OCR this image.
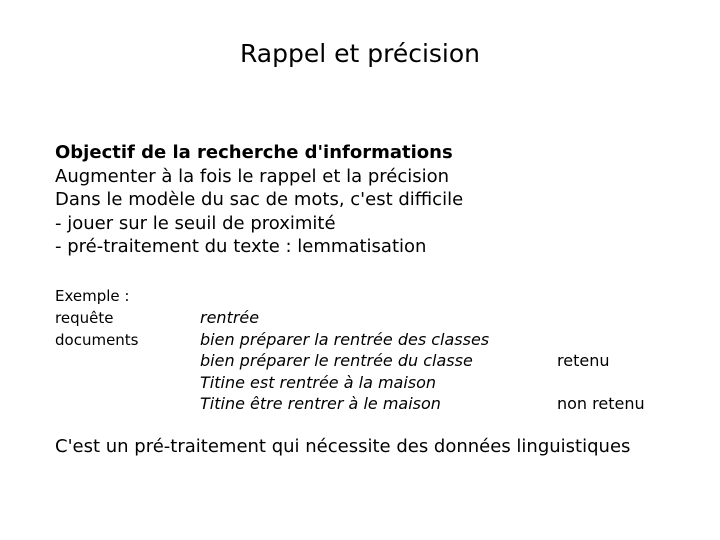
Rappel et précision
Objectif de la recherche d'informations
Augmenter à la fois le rappel et la précision
Dans le modèle du sac de mots, c'est difficile
- jouer sur le seuil de proximité
- pré-traitement du texte : lemmatisation
Exemple :
requête
documents
rentrée
bien préparer la rentrée des classes
bien préparer le rentrée du classe
Titine est rentrée à la maison
Titine être rentrer à le maison
retenu
non retenu
C'est un pré-traitement qui nécessite des données linguistiques
